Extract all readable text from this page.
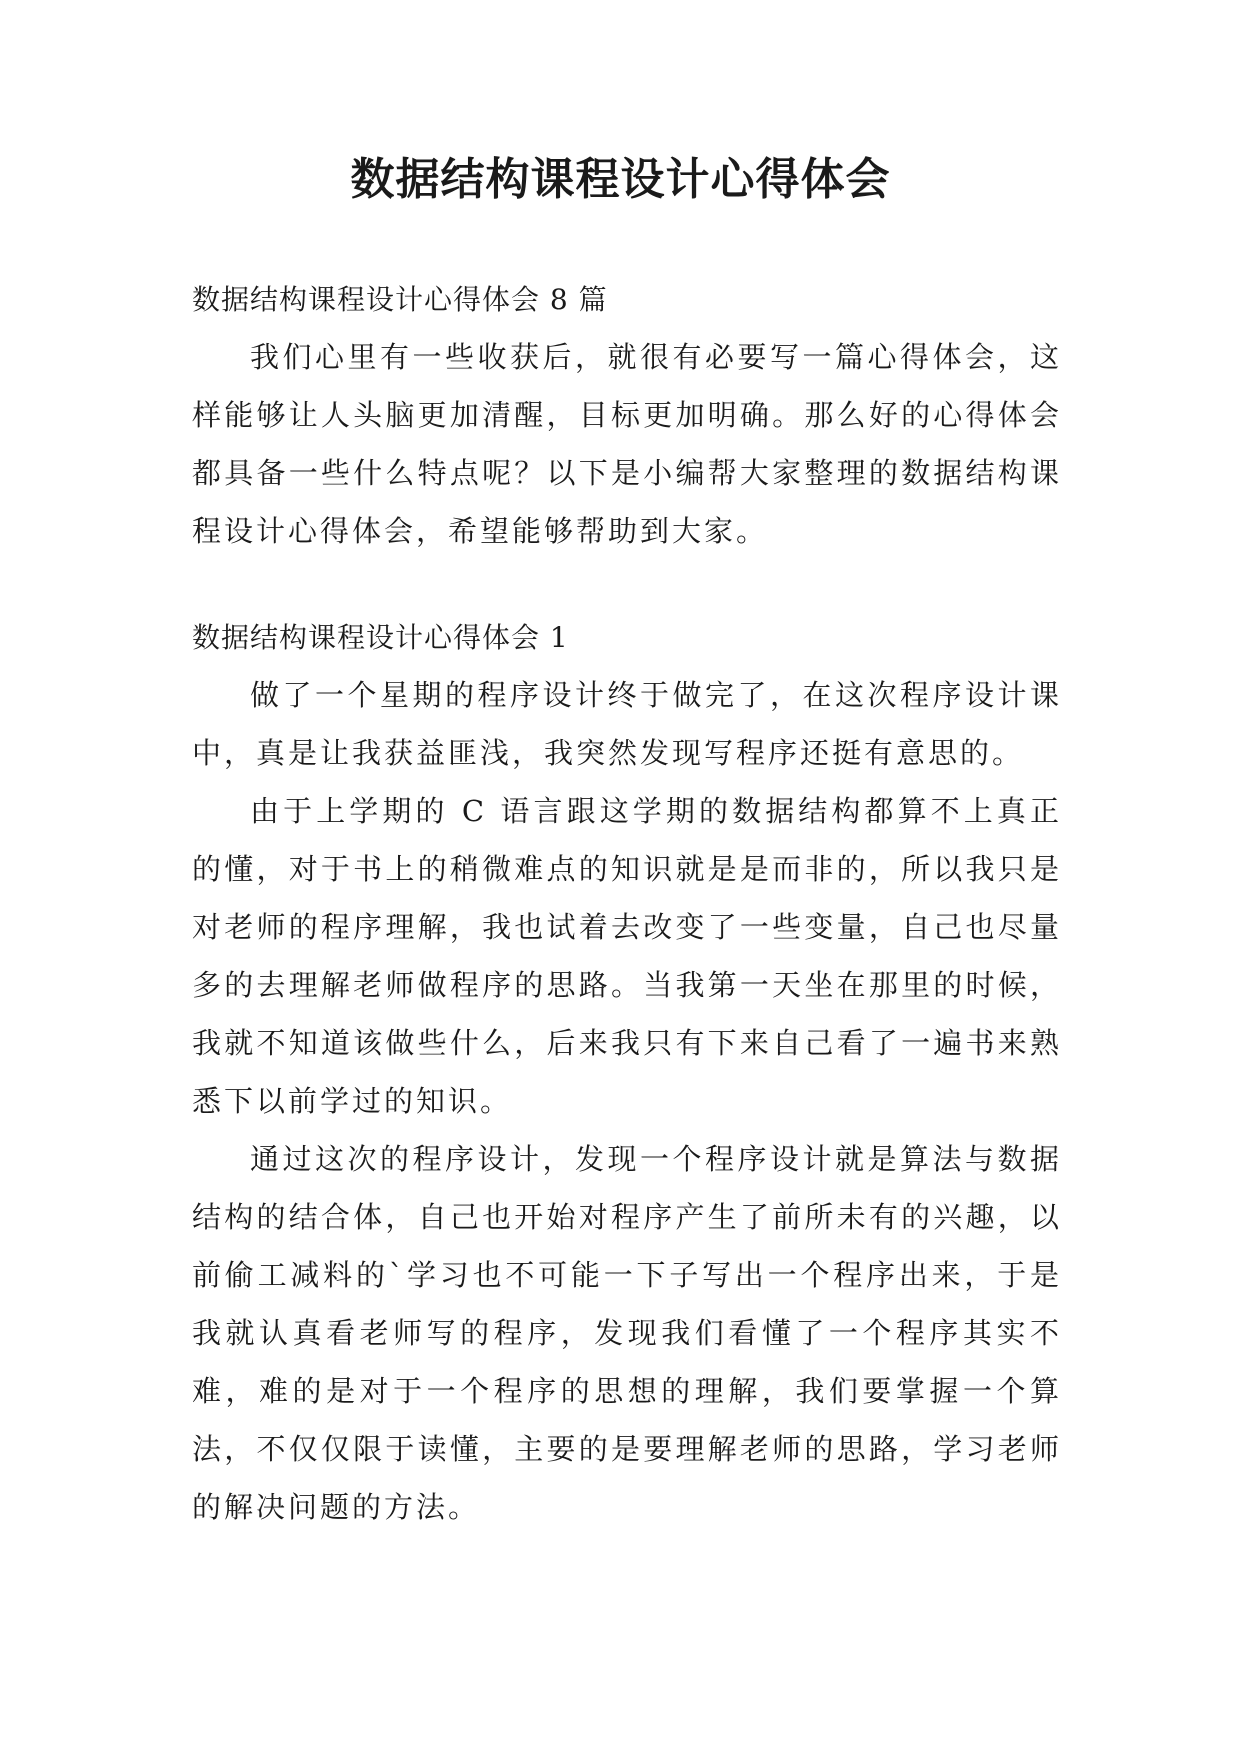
数据结构课程设计心得体会

数据结构课程设计心得体会 8 篇

我们心里有一些收获后，就很有必要写一篇心得体会，这样能够让人头脑更加清醒，目标更加明确。那么好的心得体会都具备一些什么特点呢？以下是小编帮大家整理的数据结构课程设计心得体会，希望能够帮助到大家。

数据结构课程设计心得体会 1

做了一个星期的程序设计终于做完了，在这次程序设计课中，真是让我获益匪浅，我突然发现写程序还挺有意思的。

由于上学期的 C 语言跟这学期的数据结构都算不上真正的懂，对于书上的稍微难点的知识就是是而非的，所以我只是对老师的程序理解，我也试着去改变了一些变量，自己也尽量多的去理解老师做程序的思路。当我第一天坐在那里的时候，我就不知道该做些什么，后来我只有下来自己看了一遍书来熟悉下以前学过的知识。

通过这次的程序设计，发现一个程序设计就是算法与数据结构的结合体，自己也开始对程序产生了前所未有的兴趣，以前偷工减料的`学习也不可能一下子写出一个程序出来，于是我就认真看老师写的程序，发现我们看懂了一个程序其实不难，难的是对于一个程序的思想的理解，我们要掌握一个算法，不仅仅限于读懂，主要的是要理解老师的思路，学习老师的解决问题的方法。
